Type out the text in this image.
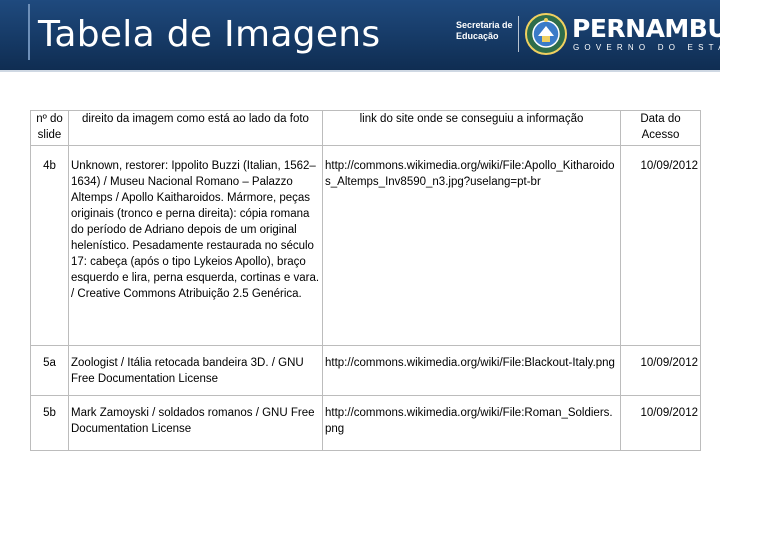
Tabela de Imagens	Secretaria de
Educação	PERNAMBUCO
GOVERNO DO ESTADO
nº do slide	direito da imagem como está ao lado da foto	link do site onde se conseguiu a informação	Data do Acesso
4b	Unknown, restorer: Ippolito Buzzi (Italian, 1562–1634) / Museu Nacional Romano – Palazzo Altemps / Apollo Kaitharoidos. Mármore, peças originais (tronco e perna direita): cópia romana do período de Adriano depois de um original helenístico. Pesadamente restaurada no século 17: cabeça (após o tipo Lykeios Apollo), braço esquerdo e lira, perna esquerda, cortinas e vara. / Creative Commons Atribuição 2.5 Genérica.	http://commons.wikimedia.org/wiki/File:Apollo_Kitharoidos_Altemps_Inv8590_n3.jpg?uselang=pt-br	10/09/2012
5a	Zoologist / Itália retocada bandeira 3D. / GNU Free Documentation License	http://commons.wikimedia.org/wiki/File:Blackout-Italy.png	10/09/2012
5b	Mark Zamoyski / soldados romanos / GNU Free Documentation License	http://commons.wikimedia.org/wiki/File:Roman_Soldiers.png	10/09/2012
